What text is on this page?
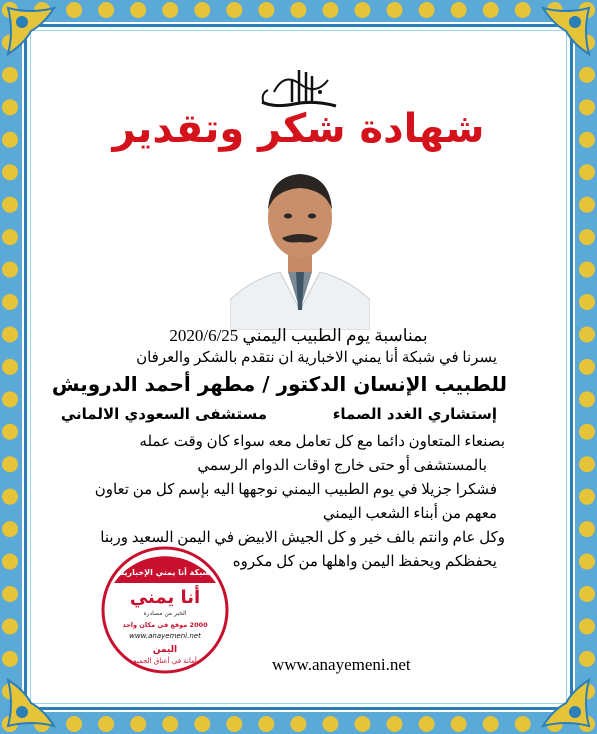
شهادة شكر وتقدير
بمناسبة يوم الطبيب اليمني 2020/6/25
يسرنا في شبكة أنا يمني الاخبارية ان نتقدم بالشكر والعرفان
للطبيب الإنسان الدكتور / مطهر أحمد الدرويش
إستشاري الغدد الصماء
مستشفى السعودي الالماني
بصنعاء المتعاون دائما مع كل تعامل معه سواء كان وقت عمله
بالمستشفى أو حتى خارج اوقات الدوام الرسمي
فشكرا جزيلا في يوم الطبيب اليمني نوجهها اليه بإسم كل من تعاون
معهم من أبناء الشعب اليمني
وكل عام وانتم بالف خير و كل الجيش الابيض في اليمن السعيد وربنا
يحفظكم ويحفظ اليمن واهلها من كل مكروه
شبكة أنا يمني الإخبارية
أنا يمني
الخبر من مصادره
2000 موقع في مكان واحد
www.anayemeni.net
اليمن
أمانة في أعناق الجميع	www.anayemeni.net
